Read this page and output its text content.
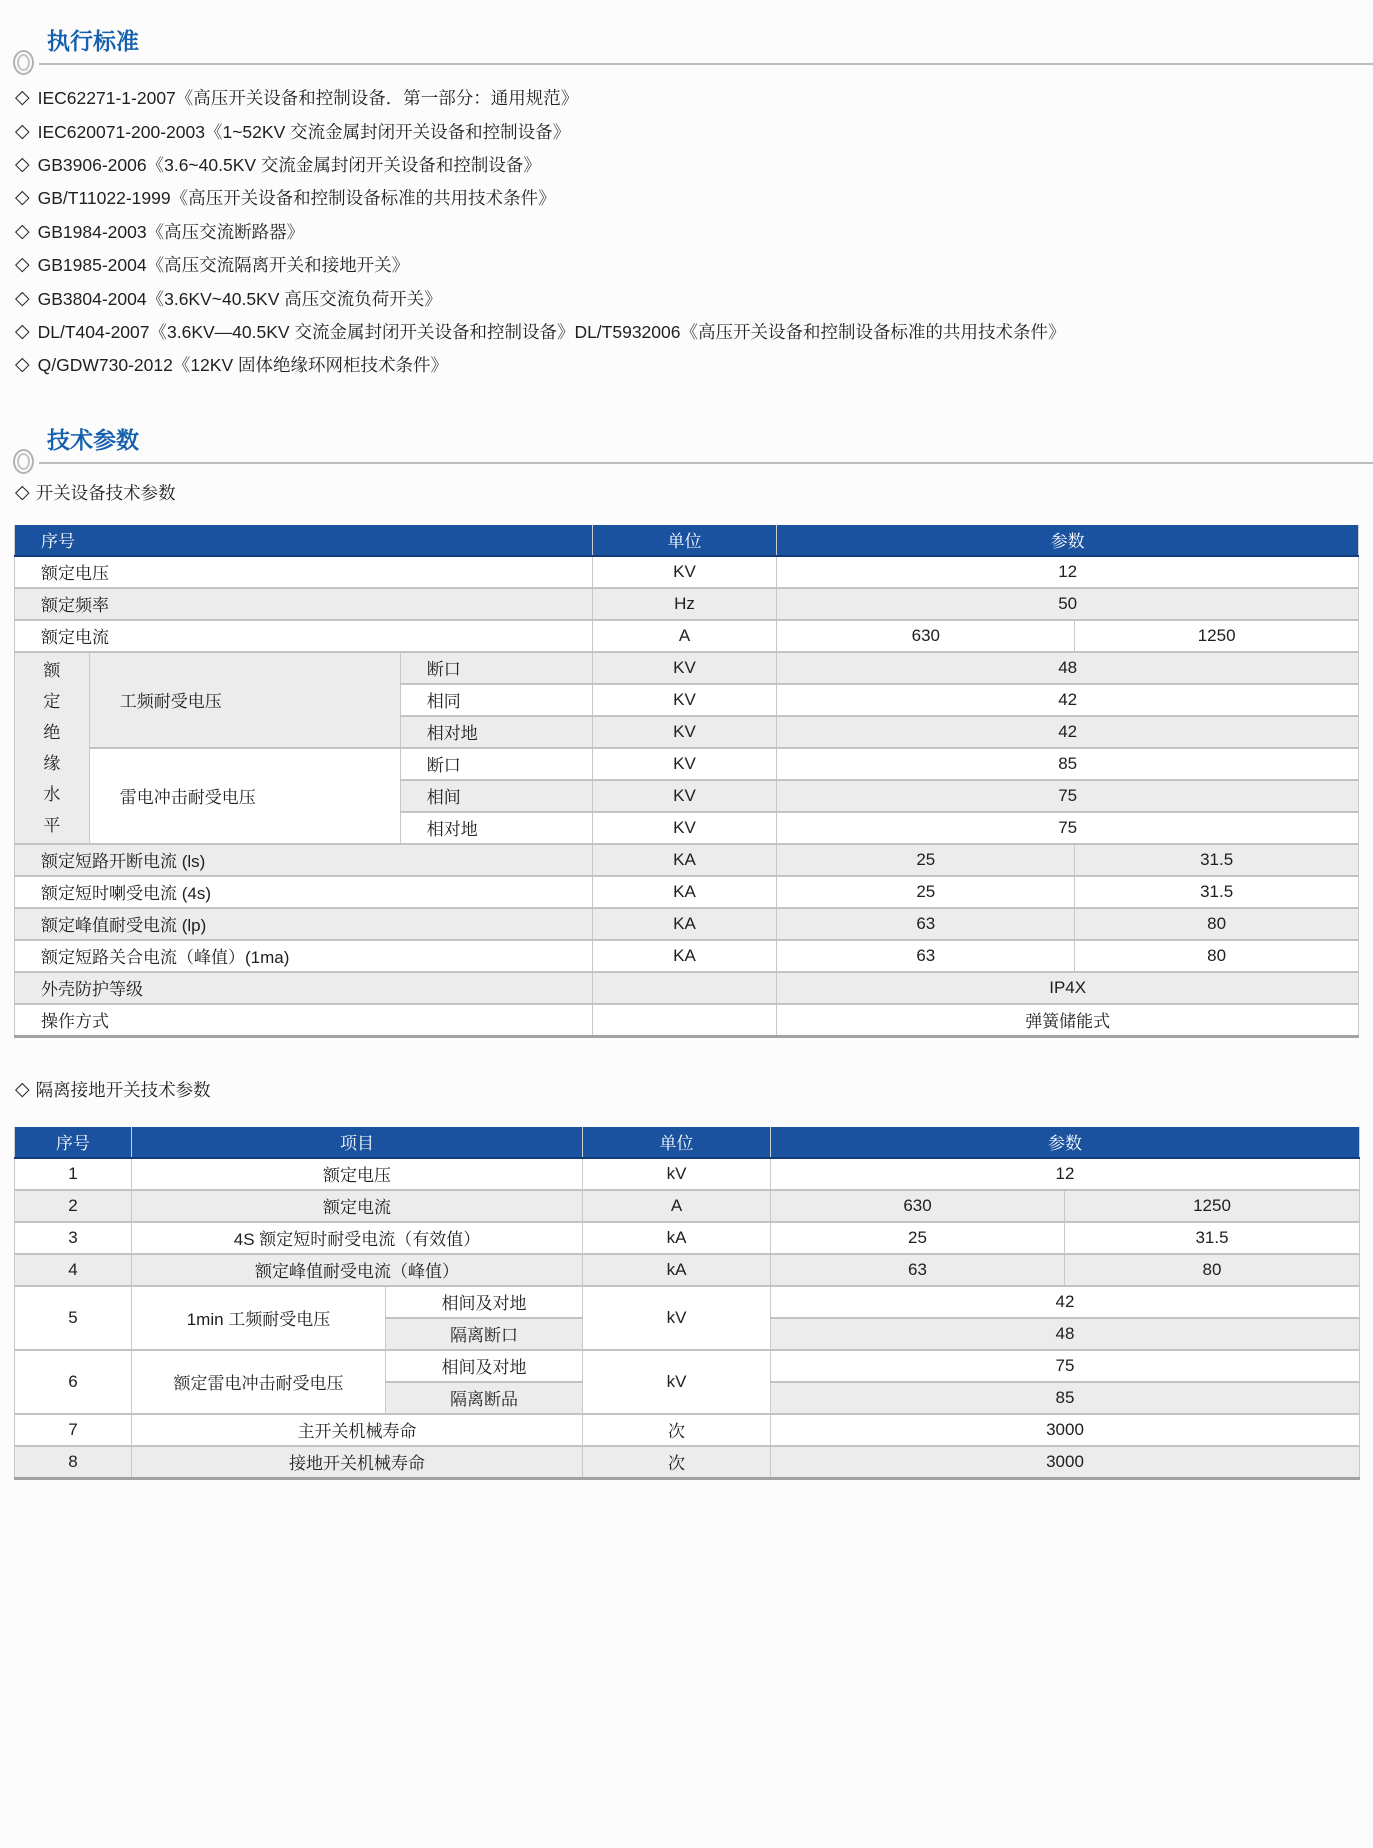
执行标准
◇ IEC62271-1-2007《高压开关设备和控制设备．第一部分：通用规范》
◇ IEC620071-200-2003《1~52KV 交流金属封闭开关设备和控制设备》
◇ GB3906-2006《3.6~40.5KV 交流金属封闭开关设备和控制设备》
◇ GB/T11022-1999《高压开关设备和控制设备标准的共用技术条件》
◇ GB1984-2003《高压交流断路器》
◇ GB1985-2004《高压交流隔离开关和接地开关》
◇ GB3804-2004《3.6KV~40.5KV 高压交流负荷开关》
◇ DL/T404-2007《3.6KV—40.5KV 交流金属封闭开关设备和控制设备》DL/T5932006《高压开关设备和控制设备标准的共用技术条件》
◇ Q/GDW730-2012《12KV 固体绝缘环网柜技术条件》
技术参数
◇ 开关设备技术参数
序号			单位	参数	
额定电压			KV	12	
额定频率			Hz	50	
额定电流			A	630	1250
额定绝缘水平	工频耐受电压	断口	KV	48	
		相同	KV	42	
		相对地	KV	42	
	雷电冲击耐受电压	断口	KV	85	
		相间	KV	75	
		相对地	KV	75	
额定短路开断电流 (ls)			KA	25	31.5
额定短时喇受电流 (4s)			KA	25	31.5
额定峰值耐受电流 (lp)			KA	63	80
额定短路关合电流（峰值）(1ma)			KA	63	80
外壳防护等级				IP4X	
操作方式				弹簧储能式	
◇ 隔离接地开关技术参数
序号	项目		单位	参数	
1	额定电压		kV	12	
2	额定电流		A	630	1250
3	4S 额定短时耐受电流（有效值）		kA	25	31.5
4	额定峰值耐受电流（峰值）		kA	63	80
5	1min 工频耐受电压	相间及对地	kV	42	
		隔离断口		48	
6	额定雷电冲击耐受电压	相间及对地	kV	75	
		隔离断品		85	
7	主开关机械寿命		次	3000	
8	接地开关机械寿命		次	3000	
